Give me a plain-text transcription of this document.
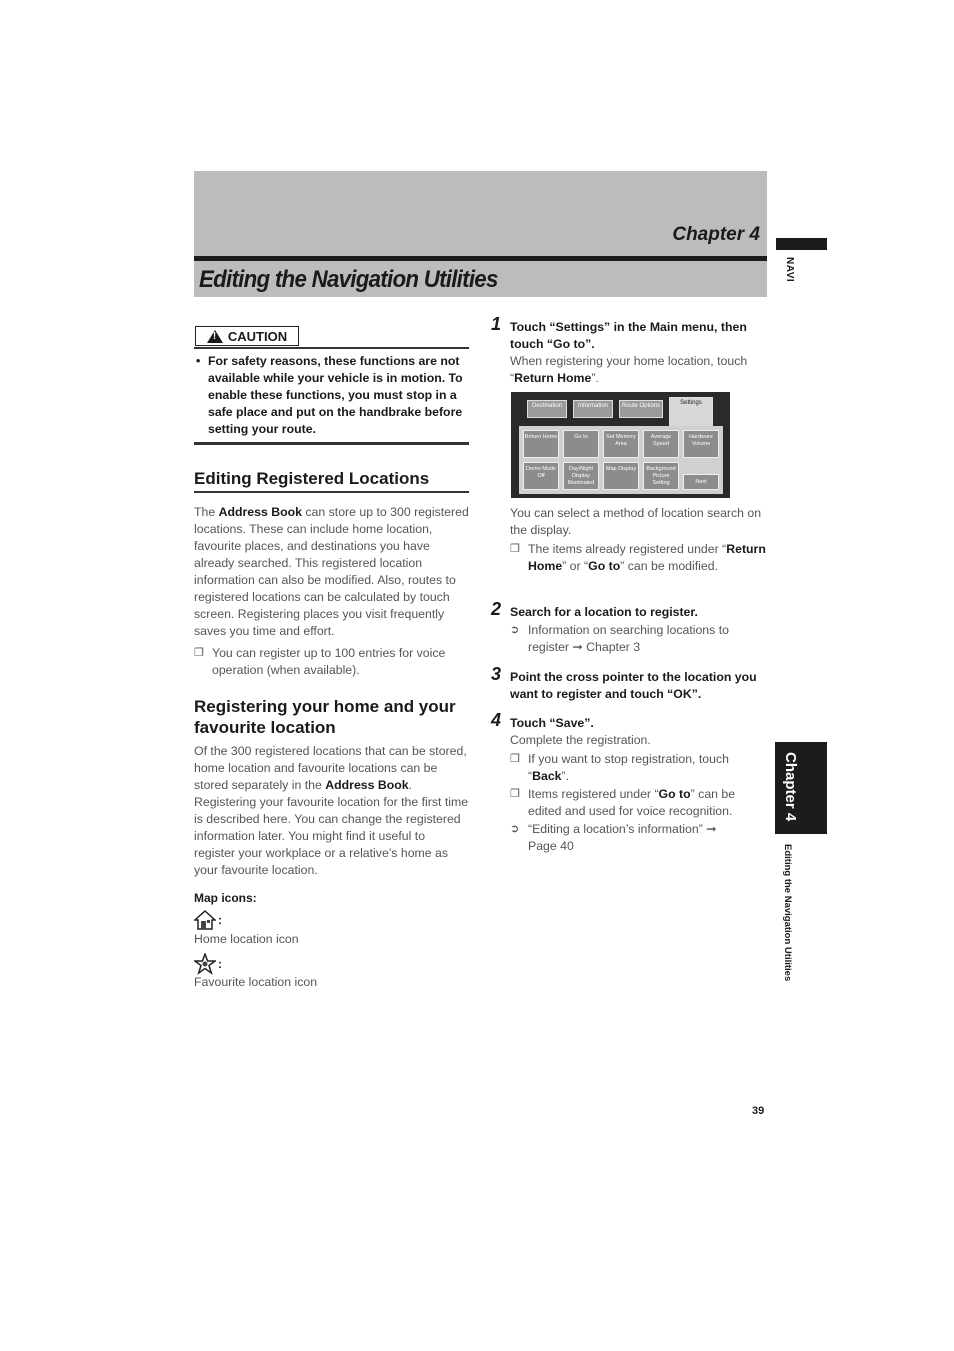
Chapter 4
Editing the Navigation Utilities	NAVI
Chapter 4
Editing the Navigation Utilities
!
CAUTION
• For safety reasons, these functions are not available while your vehicle is in motion. To enable these functions, you must stop in a safe place and put on the handbrake before setting your route.
Editing Registered Locations
The Address Book can store up to 300 registered locations. These can include home location, favourite places, and destinations you have already searched. This registered location information can also be modified. Also, routes to registered locations can be calculated by touch screen. Registering places you visit frequently saves you time and effort.
❐ You can register up to 100 entries for voice operation (when available).
Registering your home and your favourite location
Of the 300 registered locations that can be stored, home location and favourite locations can be stored separately in the Address Book. Registering your favourite location for the first time is described here. You can change the registered information later. You might find it useful to register your workplace or a relative’s home as your favourite location.
Map icons:
:
Home location icon
:
Favourite location icon
1 Touch “Settings” in the Main menu, then touch “Go to”.
When registering your home location, touch “Return Home”.
Destination	Information	Route Options	Settings
Return Home	Go to	Set Memory Area
Average Speed
Hardware Volume
Demo Mode
Off
Day/Night Display Illuminated
Map Display	Background Picture Setting	Next
You can select a method of location search on the display.
❐ The items already registered under “Return Home” or “Go to” can be modified.
2 Search for a location to register.
➲ Information on searching locations to register ➞ Chapter 3
3 Point the cross pointer to the location you want to register and touch “OK”.
4 Touch “Save”.
Complete the registration.
❐ If you want to stop registration, touch “Back”.
❐ Items registered under “Go to” can be edited and used for voice recognition.
➲ “Editing a location’s information” ➞ Page 40
39
